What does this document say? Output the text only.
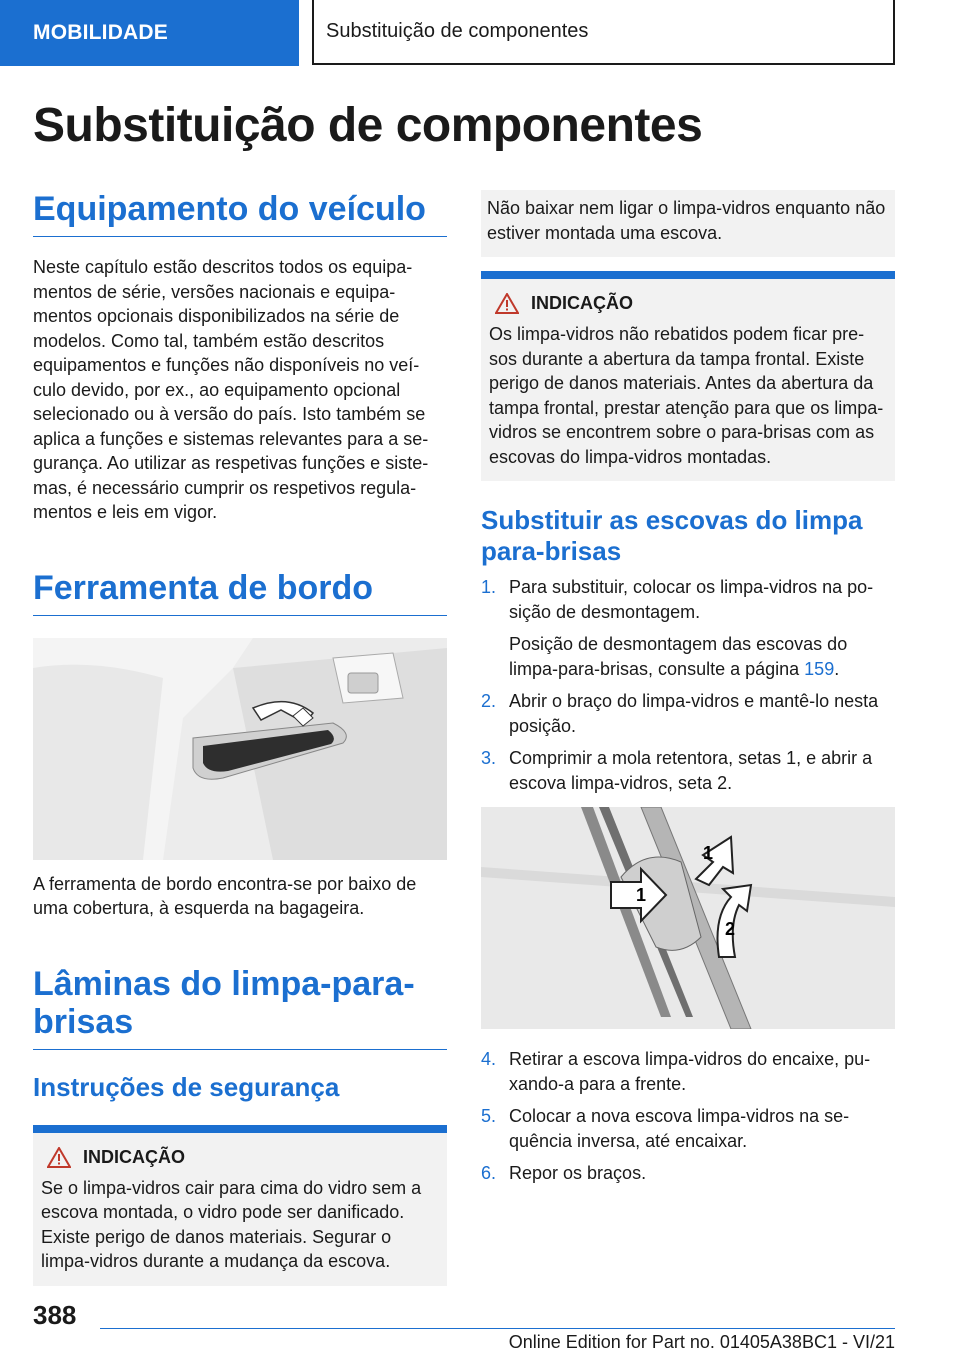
MOBILIDADE	Substituição de componentes
Substituição de componentes
Equipamento do veículo

Neste capítulo estão descritos todos os equipa-mentos de série, versões nacionais e equipa-mentos opcionais disponibilizados na série de modelos. Como tal, também estão descritos equipamentos e funções não disponíveis no veí-culo devido, por ex., ao equipamento opcional selecionado ou à versão do país. Isto também se aplica a funções e sistemas relevantes para a se-gurança. Ao utilizar as respetivas funções e siste-mas, é necessário cumprir os respetivos regula-mentos e leis em vigor.

Ferramenta de bordo

A ferramenta de bordo encontra-se por baixo de uma cobertura, à esquerda na bagageira.

Lâminas do limpa-para-brisas
Instruções de segurança
INDICAÇÃO

Se o limpa-vidros cair para cima do vidro sem a escova montada, o vidro pode ser danificado. Existe perigo de danos materiais. Segurar o limpa-vidros durante a mudança da escova.

Não baixar nem ligar o limpa-vidros enquanto não estiver montada uma escova.
INDICAÇÃO

Os limpa-vidros não rebatidos podem ficar pre-sos durante a abertura da tampa frontal. Existe perigo de danos materiais. Antes da abertura da tampa frontal, prestar atenção para que os limpa-vidros se encontrem sobre o para-brisas com as escovas do limpa-vidros montadas.

Substituir as escovas do limpa para-brisas
1. Para substituir, colocar os limpa-vidros na po-sição de desmontagem.
Posição de desmontagem das escovas do limpa-para-brisas, consulte a página 159.
2. Abrir o braço do limpa-vidros e mantê-lo nesta posição.
3. Comprimir a mola retentora, setas 1, e abrir a escova limpa-vidros, seta 2.
1
1
2
4. Retirar a escova limpa-vidros do encaixe, pu-xando-a para a frente.
5. Colocar a nova escova limpa-vidros na se-quência inversa, até encaixar.
6. Repor os braços.
388
Online Edition for Part no. 01405A38BC1 - VI/21
